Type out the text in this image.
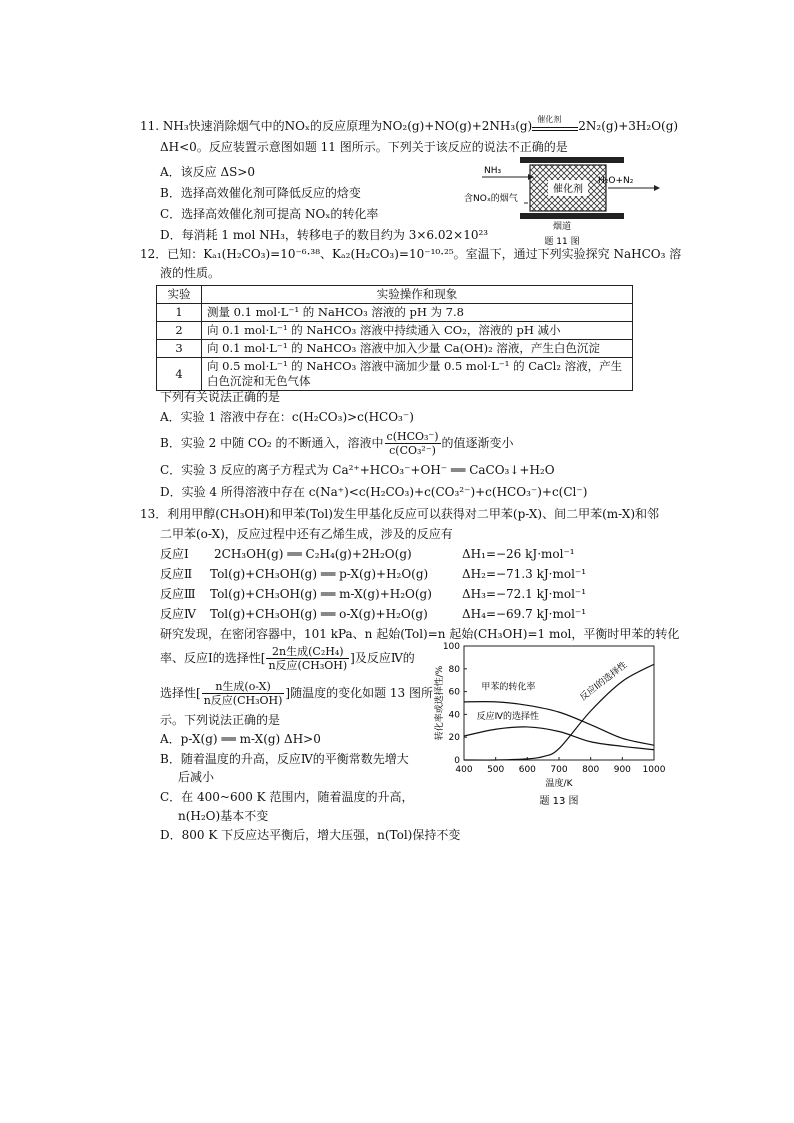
11. NH₃快速消除烟气中的NOₓ的反应原理为NO₂(g)+NO(g)+2NH₃(g) 催化剂 2N₂(g)+3H₂O(g)
ΔH<0。反应装置示意图如题 11 图所示。下列关于该反应的说法不正确的是
A．该反应 ΔS>0
B．选择高效催化剂可降低反应的焓变
C．选择高效催化剂可提高 NOₓ的转化率
D．每消耗 1 mol NH₃，转移电子的数目约为 3×6.02×10²³
催化剂
NH₃
含NOₓ的烟气
H₂O+N₂
烟道
题 11 图
12．已知：Kₐ₁(H₂CO₃)=10⁻⁶·³⁸、Kₐ₂(H₂CO₃)=10⁻¹⁰·²⁵。室温下，通过下列实验探究 NaHCO₃ 溶
液的性质。
实验	实验操作和现象
1	测量 0.1 mol·L⁻¹ 的 NaHCO₃ 溶液的 pH 为 7.8
2	向 0.1 mol·L⁻¹ 的 NaHCO₃ 溶液中持续通入 CO₂，溶液的 pH 减小
3	向 0.1 mol·L⁻¹ 的 NaHCO₃ 溶液中加入少量 Ca(OH)₂ 溶液，产生白色沉淀
4	向 0.5 mol·L⁻¹ 的 NaHCO₃ 溶液中滴加少量 0.5 mol·L⁻¹ 的 CaCl₂ 溶液，产生白色沉淀和无色气体
下列有关说法正确的是
A．实验 1 溶液中存在：c(H₂CO₃)>c(HCO₃⁻)
B．实验 2 中随 CO₂ 的不断通入，溶液中 $\frac{\text{c(HCO₃⁻)}}{\text{c(CO₃²⁻)}}$ 的值逐渐变小
C．实验 3 反应的离子方程式为 Ca²⁺+HCO₃⁻+OH⁻ ══ CaCO₃↓+H₂O
D．实验 4 所得溶液中存在 c(Na⁺)<c(H₂CO₃)+c(CO₃²⁻)+c(HCO₃⁻)+c(Cl⁻)
13．利用甲醇(CH₃OH)和甲苯(Tol)发生甲基化反应可以获得对二甲苯(p-X)、间二甲苯(m-X)和邻
二甲苯(o-X)，反应过程中还有乙烯生成，涉及的反应有
反应Ⅰ 2CH₃OH(g) ══ C₂H₄(g)+2H₂O(g)	ΔH₁=−26 kJ·mol⁻¹
反应Ⅱ Tol(g)+CH₃OH(g) ══ p-X(g)+H₂O(g)	ΔH₂=−71.3 kJ·mol⁻¹
反应Ⅲ Tol(g)+CH₃OH(g) ══ m-X(g)+H₂O(g)	ΔH₃=−72.1 kJ·mol⁻¹
反应Ⅳ Tol(g)+CH₃OH(g) ══ o-X(g)+H₂O(g)	ΔH₄=−69.7 kJ·mol⁻¹
研究发现，在密闭容器中，101 kPa、n 起始(Tol)=n 起始(CH₃OH)=1 mol，平衡时甲苯的转化
率、反应Ⅰ的选择性[ $\frac{\text{2n生成(C₂H₄)}}{\text{n反应(CH₃OH)}}$ ]及反应Ⅳ的
选择性[ $\frac{\text{n生成(o-X)}}{\text{n反应(CH₃OH)}}$ ]随温度的变化如题 13 图所
示。下列说法正确的是
A．p-X(g) ══ m-X(g) ΔH>0
B．随着温度的升高，反应Ⅳ的平衡常数先增大
后减小
C．在 400~600 K 范围内，随着温度的升高，
n(H₂O)基本不变
D．800 K 下反应达平衡后，增大压强，n(Tol)保持不变
400 500 600 700 800 900 1000
0
20
40
60
80
100
温度/K
转化率或选择性/%
题 13 图
甲苯的转化率
反应Ⅳ的选择性
反应Ⅰ的选择性
